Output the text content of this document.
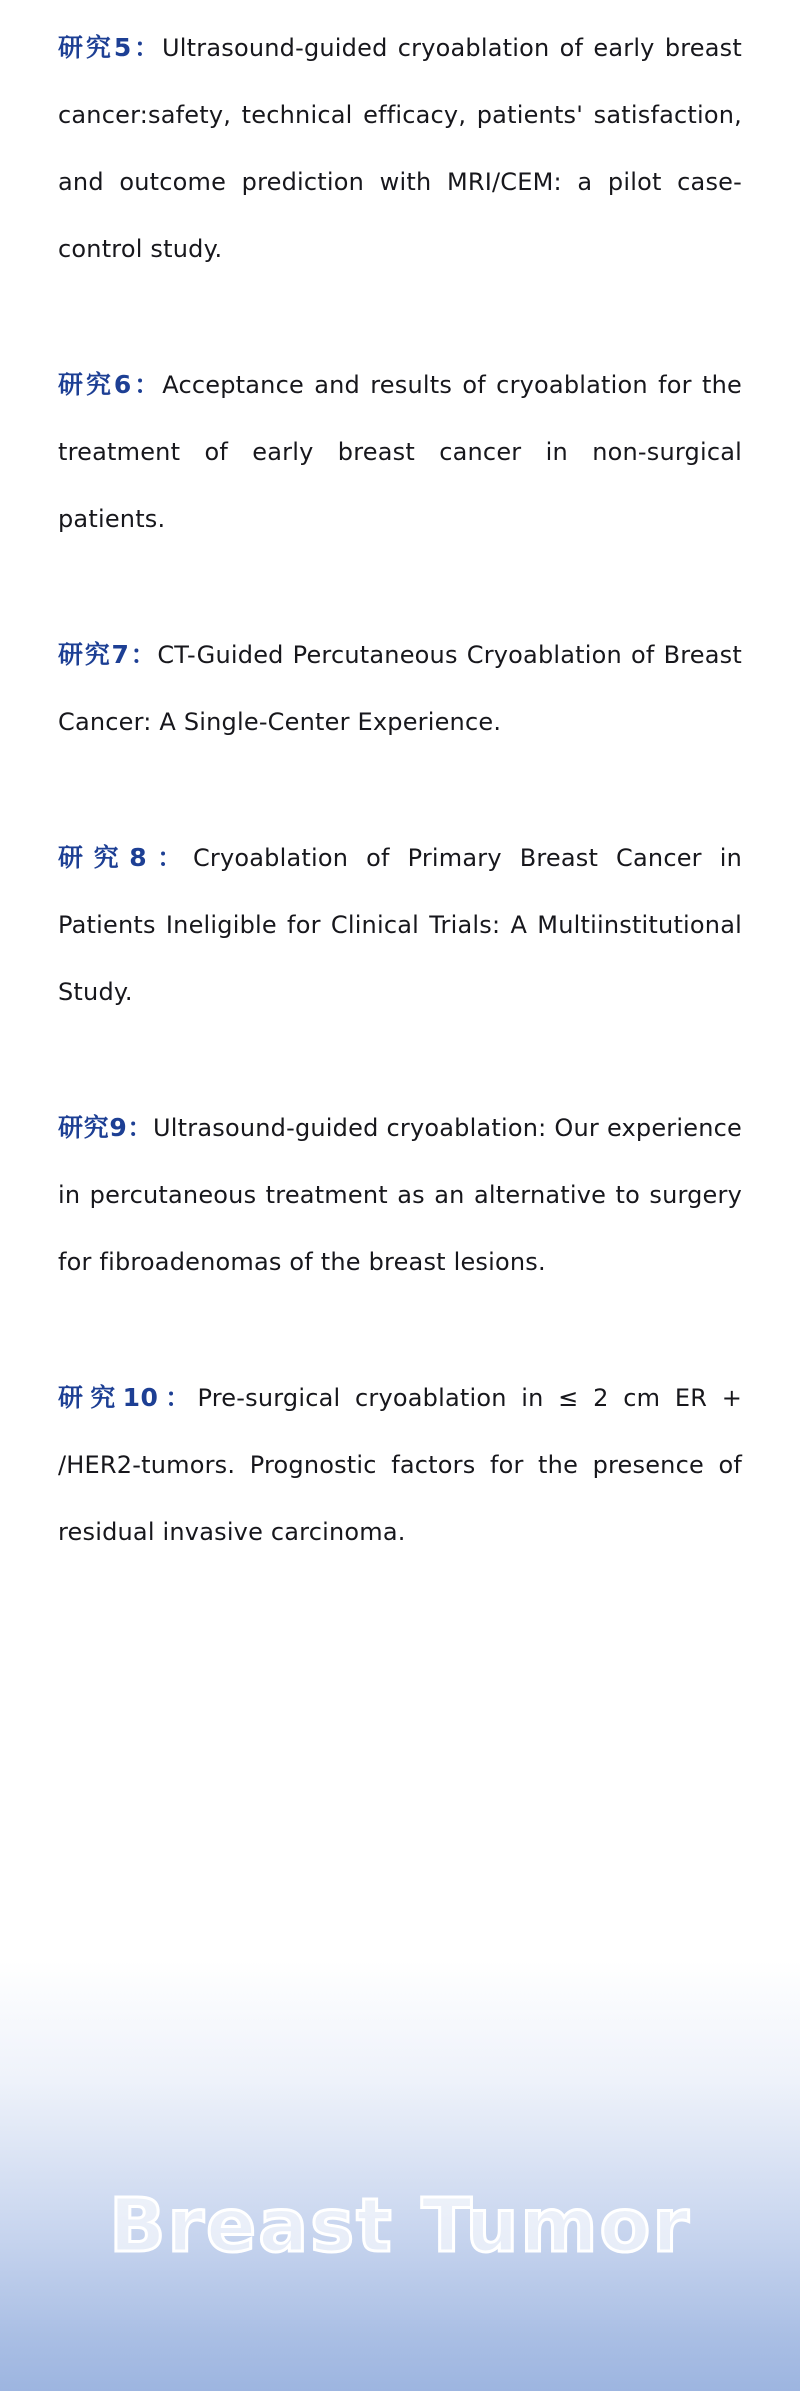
研究5：Ultrasound-guided cryoablation of early breast cancer:safety, technical efficacy, patients' satisfaction, and outcome prediction with MRI/CEM: a pilot case-control study.

研究6：Acceptance and results of cryoablation for the treatment of early breast cancer in non-surgical patients.

研究7：CT-Guided Percutaneous Cryoablation of Breast Cancer: A Single-Center Experience.

研究8：Cryoablation of Primary Breast Cancer in Patients Ineligible for Clinical Trials: A Multiinstitutional Study.

研究9：Ultrasound-guided cryoablation: Our experience in percutaneous treatment as an alternative to surgery for fibroadenomas of the breast lesions.

研究10：Pre-surgical cryoablation in ≤ 2 cm ER + /HER2-tumors. Prognostic factors for the presence of residual invasive carcinoma.

Breast Tumor
